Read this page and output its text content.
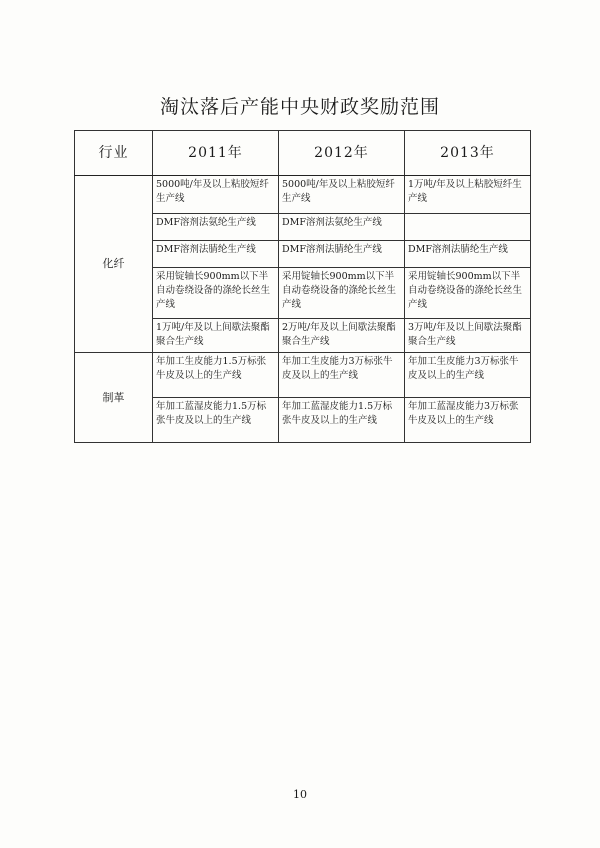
淘汰落后产能中央财政奖励范围
行业	2011年	2012年	2013年
化纤	5000吨/年及以上粘胶短纤生产线	5000吨/年及以上粘胶短纤生产线	1万吨/年及以上粘胶短纤生产线
	DMF溶剂法氨纶生产线	DMF溶剂法氨纶生产线	
	DMF溶剂法腈纶生产线	DMF溶剂法腈纶生产线	DMF溶剂法腈纶生产线
	采用锭轴长900mm以下半自动卷绕设备的涤纶长丝生产线	采用锭轴长900mm以下半自动卷绕设备的涤纶长丝生产线	采用锭轴长900mm以下半自动卷绕设备的涤纶长丝生产线
	1万吨/年及以上间歇法聚酯聚合生产线	2万吨/年及以上间歇法聚酯聚合生产线	3万吨/年及以上间歇法聚酯聚合生产线
制革	年加工生皮能力1.5万标张牛皮及以上的生产线	年加工生皮能力3万标张牛皮及以上的生产线	年加工生皮能力3万标张牛皮及以上的生产线
	年加工蓝湿皮能力1.5万标张牛皮及以上的生产线	年加工蓝湿皮能力1.5万标张牛皮及以上的生产线	年加工蓝湿皮能力3万标张牛皮及以上的生产线
10
